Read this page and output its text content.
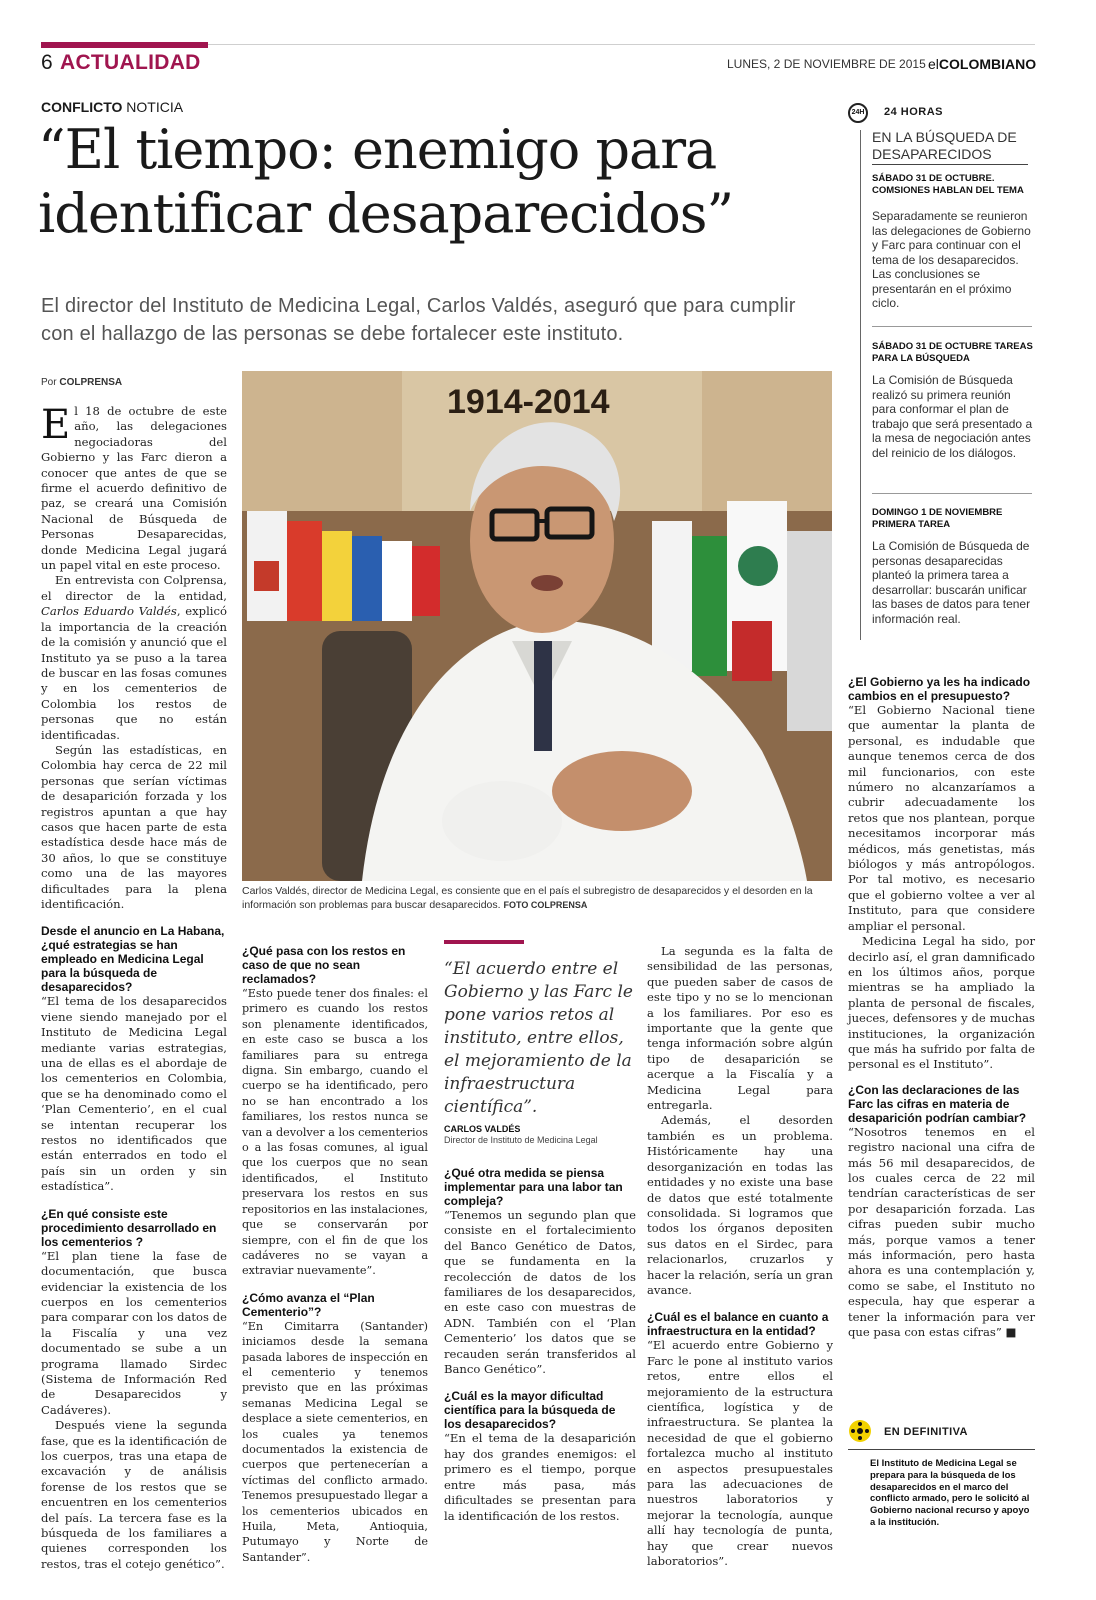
6 ACTUALIDAD	LUNES, 2 DE NOVIEMBRE DE 2015 elCOLOMBIANO
CONFLICTO NOTICIA
“El tiempo: enemigo para identificar desaparecidos”
El director del Instituto de Medicina Legal, Carlos Valdés, aseguró que para cumplir con el hallazgo de las personas se debe fortalecer este instituto.
Por COLPRENSA

El 18 de octubre de este año, las delegaciones negociadoras del Gobierno y las Farc dieron a conocer que antes de que se firme el acuerdo definitivo de paz, se creará una Comisión Nacional de Búsqueda de Personas Desaparecidas, donde Medicina Legal jugará un papel vital en este proceso.

En entrevista con Colprensa, el director de la entidad, Carlos Eduardo Valdés, explicó la importancia de la creación de la comisión y anunció que el Instituto ya se puso a la tarea de buscar en las fosas comunes y en los cementerios de Colombia los restos de personas que no están identificadas.

Según las estadísticas, en Colombia hay cerca de 22 mil personas que serían víctimas de desaparición forzada y los registros apuntan a que hay casos que hacen parte de esta estadística desde hace más de 30 años, lo que se constituye como una de las mayores dificultades para la plena identificación.

Desde el anuncio en La Habana, ¿qué estrategias se han empleado en Medicina Legal para la búsqueda de desaparecidos?
“El tema de los desaparecidos viene siendo manejado por el Instituto de Medicina Legal mediante varias estrategias, una de ellas es el abordaje de los cementerios en Colombia, que se ha denominado como el ‘Plan Cementerio’, en el cual se intentan recuperar los restos no identificados que están enterrados en todo el país sin un orden y sin estadística”.
¿En qué consiste este procedimiento desarrollado en los cementerios ?
“El plan tiene la fase de documentación, que busca evidenciar la existencia de los cuerpos en los cementerios para comparar con los datos de la Fiscalía y una vez documentado se sube a un programa llamado Sirdec (Sistema de Información Red de Desaparecidos y Cadáveres).
Después viene la segunda fase, que es la identificación de los cuerpos, tras una etapa de excavación y de análisis forense de los restos que se encuentren en los cementerios del país. La tercera fase es la búsqueda de los familiares a quienes corresponden los restos, tras el cotejo genético”.
1914-2014
Carlos Valdés, director de Medicina Legal, es consiente que en el país el subregistro de desaparecidos y el desorden en la información son problemas para buscar desaparecidos. FOTO COLPRENSA
¿Qué pasa con los restos en caso de que no sean reclamados?
“Esto puede tener dos finales: el primero es cuando los restos son plenamente identificados, en este caso se busca a los familiares para su entrega digna. Sin embargo, cuando el cuerpo se ha identificado, pero no se han encontrado a los familiares, los restos nunca se van a devolver a los cementerios o a las fosas comunes, al igual que los cuerpos que no sean identificados, el Instituto preservara los restos en sus repositorios en las instalaciones, que se conservarán por siempre, con el fin de que los cadáveres no se vayan a extraviar nuevamente”.
¿Cómo avanza el “Plan Cementerio”?
“En Cimitarra (Santander) iniciamos desde la semana pasada labores de inspección en el cementerio y tenemos previsto que en las próximas semanas Medicina Legal se desplace a siete cementerios, en los cuales ya tenemos documentados la existencia de cuerpos que pertenecerían a víctimas del conflicto armado. Tenemos presupuestado llegar a los cementerios ubicados en Huila, Meta, Antioquia, Putumayo y Norte de Santander”.
“El acuerdo entre el Gobierno y las Farc le pone varios retos al instituto, entre ellos, el mejoramiento de la infraestructura científica”.
CARLOS VALDÉS
Director de Instituto de Medicina Legal
¿Qué otra medida se piensa implementar para una labor tan compleja?
“Tenemos un segundo plan que consiste en el fortalecimiento del Banco Genético de Datos, que se fundamenta en la recolección de datos de los familiares de los desaparecidos, en este caso con muestras de ADN. También con el ‘Plan Cementerio’ los datos que se recauden serán transferidos al Banco Genético”.
¿Cuál es la mayor dificultad científica para la búsqueda de los desaparecidos?
“En el tema de la desaparición hay dos grandes enemigos: el primero es el tiempo, porque entre más pasa, más dificultades se presentan para la identificación de los restos.
La segunda es la falta de sensibilidad de las personas, que pueden saber de casos de este tipo y no se lo mencionan a los familiares. Por eso es importante que la gente que tenga información sobre algún tipo de desaparición se acerque a la Fiscalía y a Medicina Legal para entregarla.
Además, el desorden también es un problema. Históricamente hay una desorganización en todas las entidades y no existe una base de datos que esté totalmente consolidada. Si logramos que todos los órganos depositen sus datos en el Sirdec, para relacionarlos, cruzarlos y hacer la relación, sería un gran avance.
¿Cuál es el balance en cuanto a infraestructura en la entidad?
“El acuerdo entre Gobierno y Farc le pone al instituto varios retos, entre ellos el mejoramiento de la estructura científica, logística y de infraestructura. Se plantea la necesidad de que el gobierno fortalezca mucho al instituto en aspectos presupuestales para las adecuaciones de nuestros laboratorios y mejorar la tecnología, aunque allí hay tecnología de punta, hay que crear nuevos laboratorios”.
24H	24 HORAS
EN LA BÚSQUEDA DE DESAPARECIDOS
SÁBADO 31 DE OCTUBRE. COMSIONES HABLAN DEL TEMA
Separadamente se reunieron las delegaciones de Gobierno y Farc para continuar con el tema de los desaparecidos. Las conclusiones se presentarán en el próximo ciclo.
SÁBADO 31 DE OCTUBRE TAREAS PARA LA BÚSQUEDA
La Comisión de Búsqueda realizó su primera reunión para conformar el plan de trabajo que será presentado a la mesa de negociación antes del reinicio de los diálogos.
DOMINGO 1 DE NOVIEMBRE PRIMERA TAREA
La Comisión de Búsqueda de personas desaparecidas planteó la primera tarea a desarrollar: buscarán unificar las bases de datos para tener información real.
¿El Gobierno ya les ha indicado cambios en el presupuesto?
“El Gobierno Nacional tiene que aumentar la planta de personal, es indudable que aunque tenemos cerca de dos mil funcionarios, con este número no alcanzaríamos a cubrir adecuadamente los retos que nos plantean, porque necesitamos incorporar más médicos, más genetistas, más biólogos y más antropólogos. Por tal motivo, es necesario que el gobierno voltee a ver al Instituto, para que considere ampliar el personal.
Medicina Legal ha sido, por decirlo así, el gran damnificado en los últimos años, porque mientras se ha ampliado la planta de personal de fiscales, jueces, defensores y de muchas instituciones, la organización que más ha sufrido por falta de personal es el Instituto”.
¿Con las declaraciones de las Farc las cifras en materia de desaparición podrían cambiar?
“Nosotros tenemos en el registro nacional una cifra de más 56 mil desaparecidos, de los cuales cerca de 22 mil tendrían características de ser por desaparición forzada. Las cifras pueden subir mucho más, porque vamos a tener más información, pero hasta ahora es una contemplación y, como se sabe, el Instituto no especula, hay que esperar a tener la información para ver que pasa con estas cifras” ■
EN DEFINITIVA
El Instituto de Medicina Legal se prepara para la búsqueda de los desaparecidos en el marco del conflicto armado, pero le solicitó al Gobierno nacional recurso y apoyo a la institución.
